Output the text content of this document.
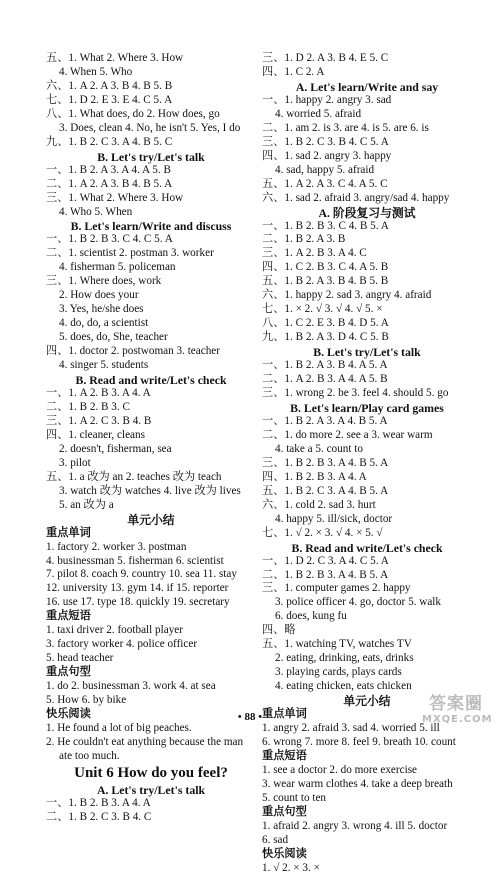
五、1. What 2. Where 3. How
4. When 5. Who
六、1. A 2. A 3. B 4. B 5. B
七、1. D 2. E 3. E 4. C 5. A
八、1. What does, do 2. How does, go
3. Does, clean 4. No, he isn't 5. Yes, I do
九、1. B 2. C 3. A 4. B 5. C
B. Let's try/Let's talk
一、1. B 2. A 3. A 4. A 5. B
二、1. A 2. A 3. B 4. B 5. A
三、1. What 2. Where 3. How
4. Who 5. When
B. Let's learn/Write and discuss
一、1. B 2. B 3. C 4. C 5. A
二、1. scientist 2. postman 3. worker
4. fisherman 5. policeman
三、1. Where does, work
2. How does your
3. Yes, he/she does
4. do, do, a scientist
5. does, do, She, teacher
四、1. doctor 2. postwoman 3. teacher
4. singer 5. students
B. Read and write/Let's check
一、1. A 2. B 3. A 4. A
二、1. B 2. B 3. C
三、1. A 2. C 3. B 4. B
四、1. cleaner, cleans
2. doesn't, fisherman, sea
3. pilot
五、1. a 改为 an 2. teaches 改为 teach
3. watch 改为 watches 4. live 改为 lives
5. an 改为 a
单元小结
重点单词
1. factory 2. worker 3. postman
4. businessman 5. fisherman 6. scientist
7. pilot 8. coach 9. country 10. sea 11. stay
12. university 13. gym 14. if 15. reporter
16. use 17. type 18. quickly 19. secretary
重点短语
1. taxi driver 2. football player
3. factory worker 4. police officer
5. head teacher
重点句型
1. do 2. businessman 3. work 4. at sea
5. How 6. by bike
快乐阅读
1. He found a lot of big peaches.
2. He couldn't eat anything because the man
ate too much.
Unit 6 How do you feel?
A. Let's try/Let's talk
一、1. B 2. B 3. A 4. A
二、1. B 2. C 3. B 4. C
三、1. D 2. A 3. B 4. E 5. C
四、1. C 2. A
A. Let's learn/Write and say
一、1. happy 2. angry 3. sad
4. worried 5. afraid
二、1. am 2. is 3. are 4. is 5. are 6. is
三、1. B 2. C 3. B 4. C 5. A
四、1. sad 2. angry 3. happy
4. sad, happy 5. afraid
五、1. A 2. A 3. C 4. A 5. C
六、1. sad 2. afraid 3. angry/sad 4. happy
A. 阶段复习与测试
一、1. B 2. B 3. C 4. B 5. A
二、1. B 2. A 3. B
三、1. A 2. B 3. A 4. C
四、1. C 2. B 3. C 4. A 5. B
五、1. B 2. A 3. B 4. B 5. B
六、1. happy 2. sad 3. angry 4. afraid
七、1. × 2. √ 3. √ 4. √ 5. ×
八、1. C 2. E 3. B 4. D 5. A
九、1. B 2. A 3. D 4. C 5. B
B. Let's try/Let's talk
一、1. B 2. A 3. B 4. A 5. A
二、1. A 2. B 3. A 4. A 5. B
三、1. wrong 2. be 3. feel 4. should 5. go
B. Let's learn/Play card games
一、1. B 2. A 3. A 4. B 5. A
二、1. do more 2. see a 3. wear warm
4. take a 5. count to
三、1. B 2. B 3. A 4. B 5. A
四、1. B 2. B 3. A 4. A
五、1. B 2. C 3. A 4. B 5. A
六、1. cold 2. sad 3. hurt
4. happy 5. ill/sick, doctor
七、1. √ 2. × 3. √ 4. × 5. √
B. Read and write/Let's check
一、1. D 2. C 3. A 4. C 5. A
二、1. B 2. B 3. A 4. B 5. A
三、1. computer games 2. happy
3. police officer 4. go, doctor 5. walk
6. does, kung fu
四、略
五、1. watching TV, watches TV
2. eating, drinking, eats, drinks
3. playing cards, plays cards
4. eating chicken, eats chicken
单元小结
重点单词
1. angry 2. afraid 3. sad 4. worried 5. ill
6. wrong 7. more 8. feel 9. breath 10. count
重点短语
1. see a doctor 2. do more exercise
3. wear warm clothes 4. take a deep breath
5. count to ten
重点句型
1. afraid 2. angry 3. wrong 4. ill 5. doctor
6. sad
快乐阅读
1. √ 2. × 3. ×
• 88 •
答案圈
MXQE.COM
